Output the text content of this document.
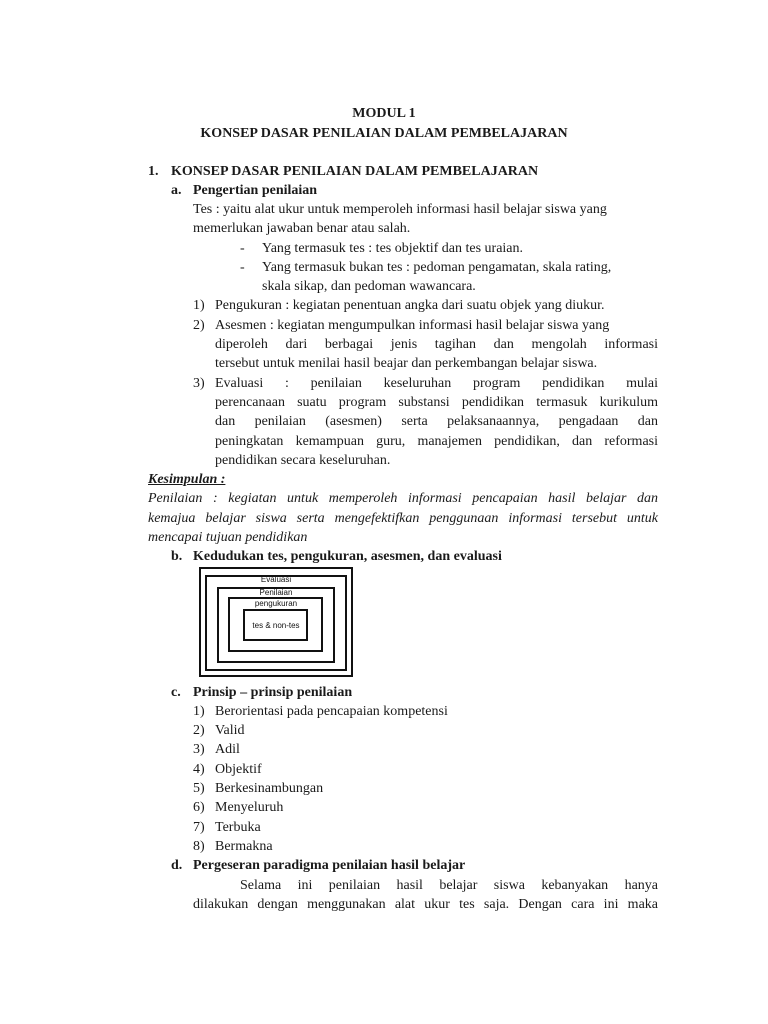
MODUL 1
KONSEP DASAR PENILAIAN DALAM PEMBELAJARAN
1. KONSEP DASAR PENILAIAN DALAM PEMBELAJARAN
a. Pengertian penilaian
Tes : yaitu alat ukur untuk memperoleh informasi hasil belajar siswa yang
memerlukan jawaban benar atau salah.
- Yang termasuk tes : tes objektif dan tes uraian.
- Yang termasuk bukan tes : pedoman pengamatan, skala rating,
skala sikap, dan pedoman wawancara.
1) Pengukuran : kegiatan penentuan angka dari suatu objek yang diukur.
2) Asesmen : kegiatan mengumpulkan informasi hasil belajar siswa yang
diperoleh dari berbagai jenis tagihan dan mengolah informasi
tersebut untuk menilai hasil beajar dan perkembangan belajar siswa.
3) Evaluasi : penilaian keseluruhan program pendidikan mulai
perencanaan suatu program substansi pendidikan termasuk kurikulum
dan penilaian (asesmen) serta pelaksanaannya, pengadaan dan
peningkatan kemampuan guru, manajemen pendidikan, dan reformasi
pendidikan secara keseluruhan.
Kesimpulan :
Penilaian : kegiatan untuk memperoleh informasi pencapaian hasil belajar dan
kemajua belajar siswa serta mengefektifkan penggunaan informasi tersebut untuk
mencapai tujuan pendidikan
b. Kedudukan tes, pengukuran, asesmen, dan evaluasi
Evaluasi
Penilaian
pengukuran
tes & non-tes
c. Prinsip – prinsip penilaian
1) Berorientasi pada pencapaian kompetensi
2) Valid
3) Adil
4) Objektif
5) Berkesinambungan
6) Menyeluruh
7) Terbuka
8) Bermakna
d. Pergeseran paradigma penilaian hasil belajar
Selama ini penilaian hasil belajar siswa kebanyakan hanya
dilakukan dengan menggunakan alat ukur tes saja. Dengan cara ini maka
